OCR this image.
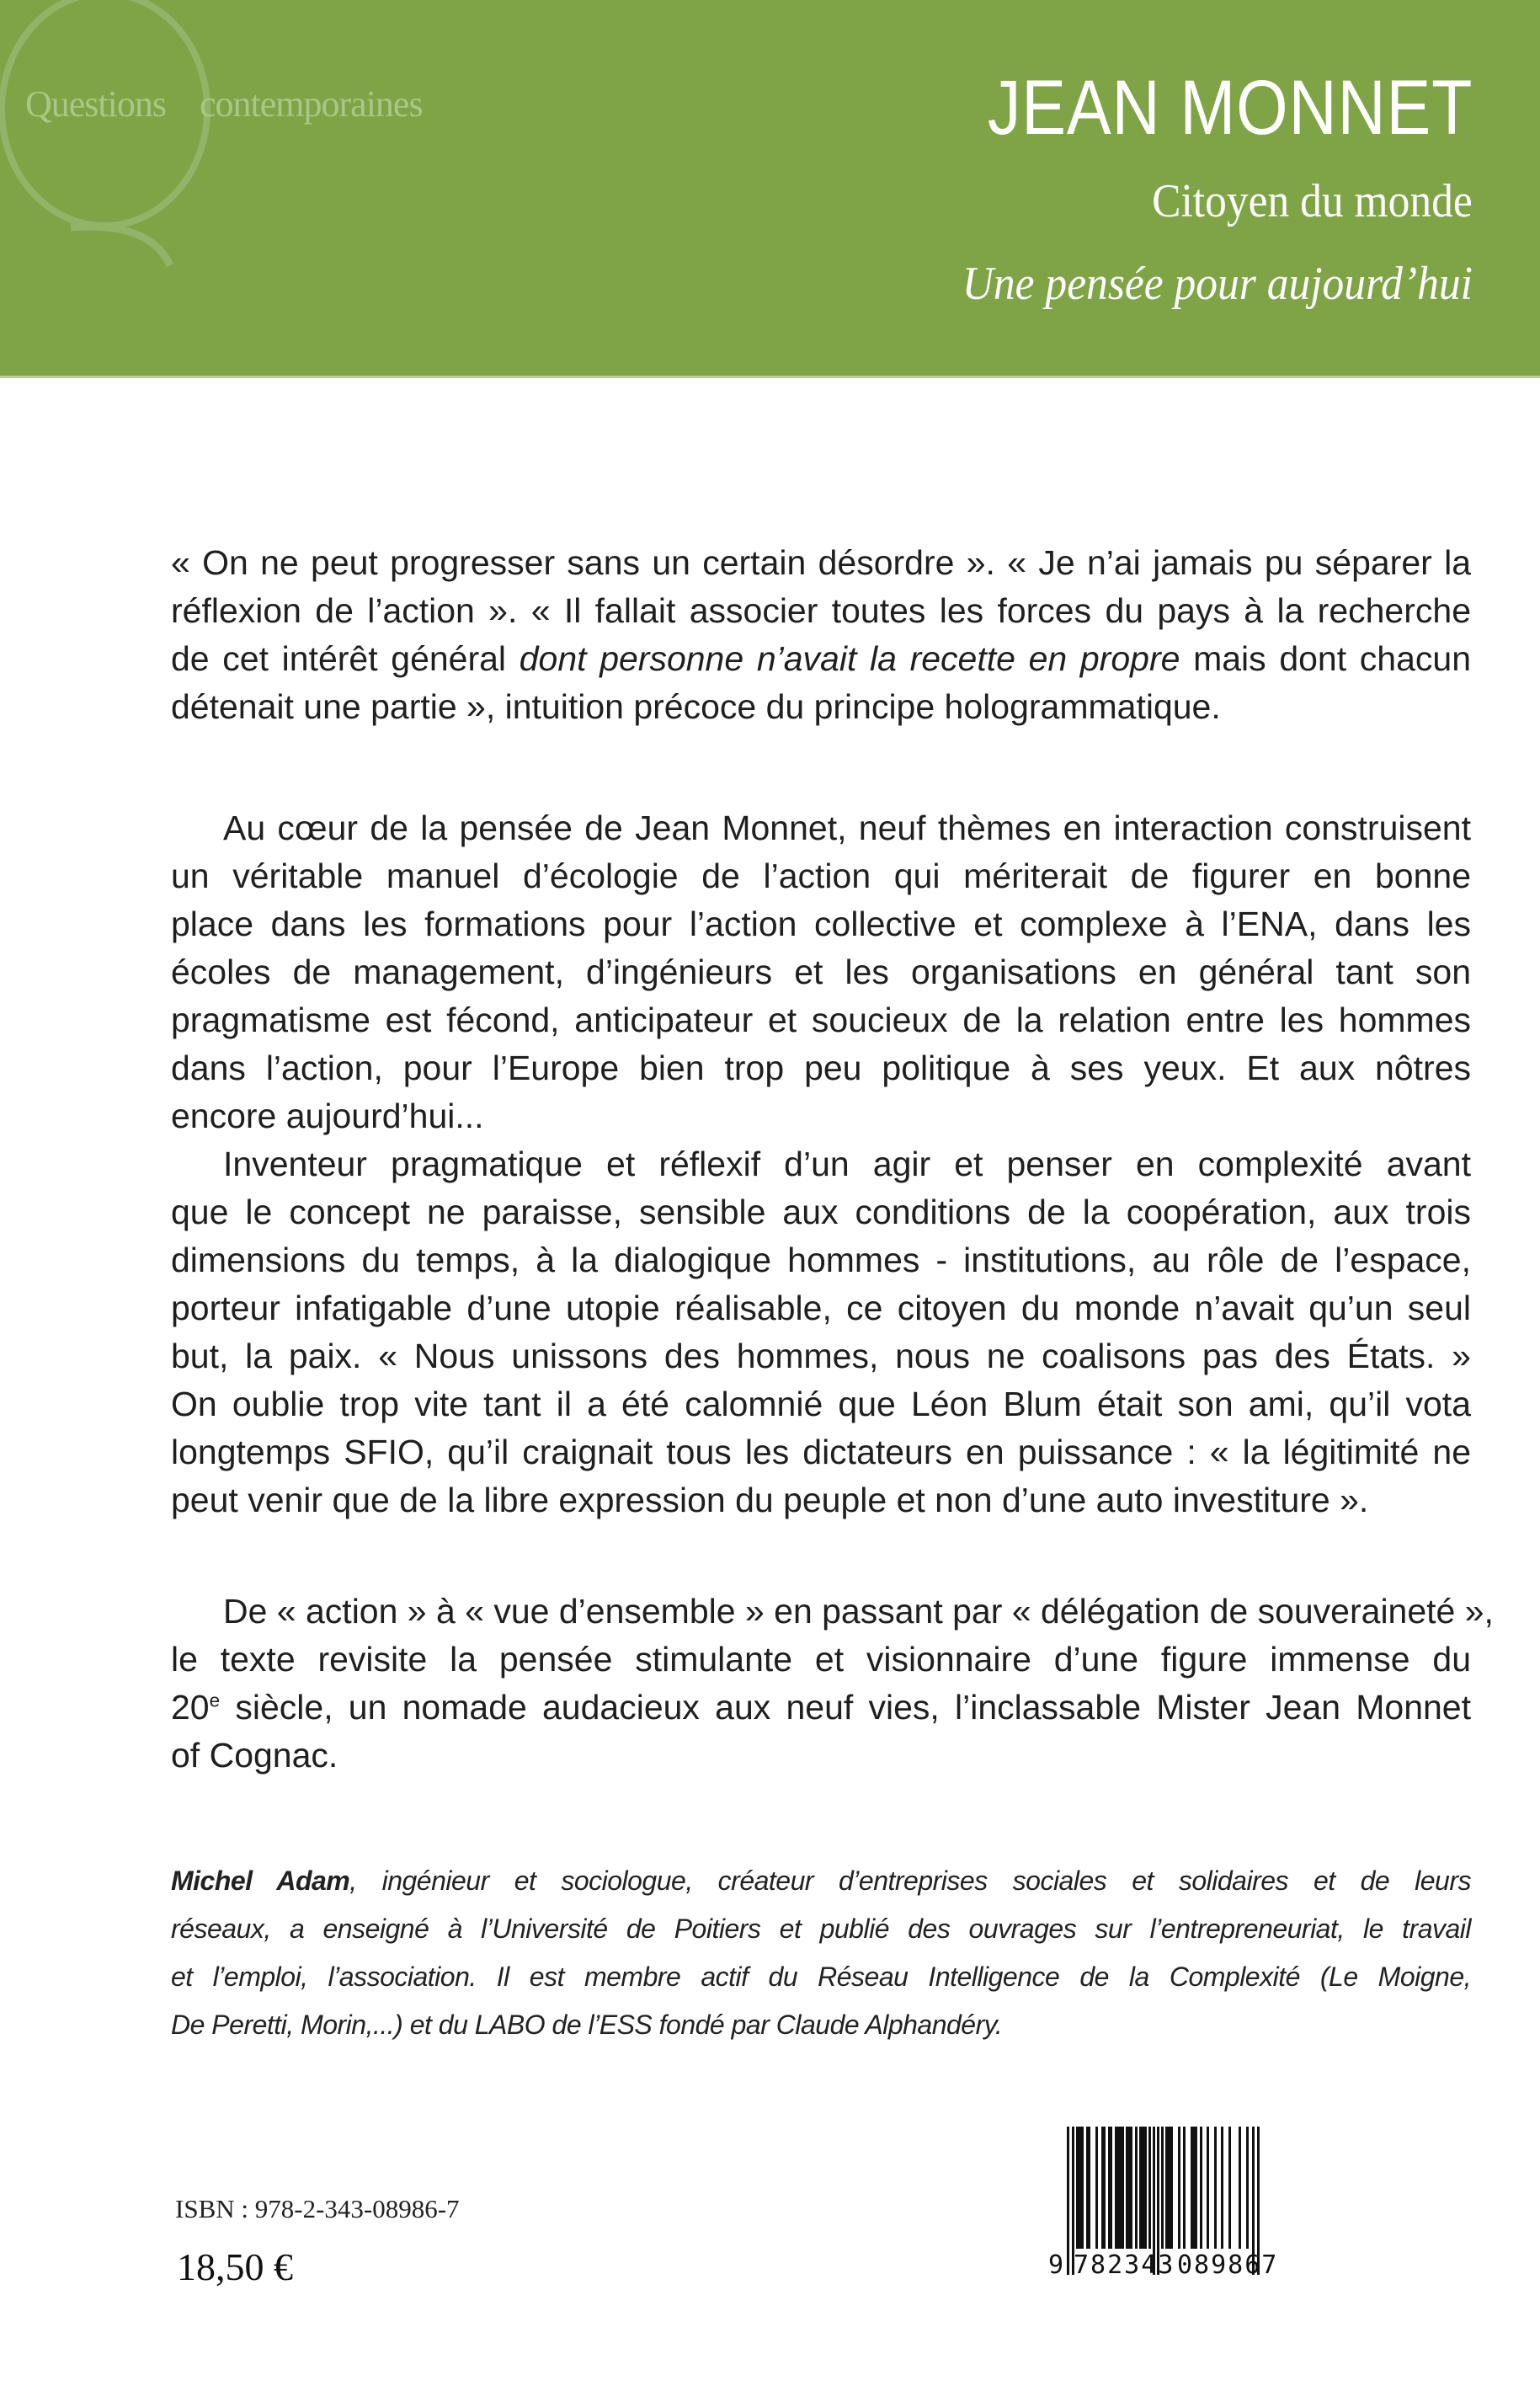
Questions contemporaines	JEAN MONNET
Citoyen du monde
Une pensée pour aujourd’hui

« On ne peut progresser sans un certain désordre ». « Je n’ai jamais pu séparer la
réflexion de l’action ». « Il fallait associer toutes les forces du pays à la recherche
de cet intérêt général dont personne n’avait la recette en propre mais dont chacun
détenait une partie », intuition précoce du principe hologrammatique.

Au cœur de la pensée de Jean Monnet, neuf thèmes en interaction construisent
un véritable manuel d’écologie de l’action qui mériterait de figurer en bonne
place dans les formations pour l’action collective et complexe à l’ENA, dans les
écoles de management, d’ingénieurs et les organisations en général tant son
pragmatisme est fécond, anticipateur et soucieux de la relation entre les hommes
dans l’action, pour l’Europe bien trop peu politique à ses yeux. Et aux nôtres
encore aujourd’hui...

Inventeur pragmatique et réflexif d’un agir et penser en complexité avant
que le concept ne paraisse, sensible aux conditions de la coopération, aux trois
dimensions du temps, à la dialogique hommes - institutions, au rôle de l’espace,
porteur infatigable d’une utopie réalisable, ce citoyen du monde n’avait qu’un seul
but, la paix. « Nous unissons des hommes, nous ne coalisons pas des États. »
On oublie trop vite tant il a été calomnié que Léon Blum était son ami, qu’il vota
longtemps SFIO, qu’il craignait tous les dictateurs en puissance : « la légitimité ne
peut venir que de la libre expression du peuple et non d’une auto investiture ».

De « action » à « vue d’ensemble » en passant par « délégation de souveraineté »,
le texte revisite la pensée stimulante et visionnaire d’une figure immense du
20e siècle, un nomade audacieux aux neuf vies, l’inclassable Mister Jean Monnet
of Cognac.

Michel Adam, ingénieur et sociologue, créateur d’entreprises sociales et solidaires et de leurs
réseaux, a enseigné à l’Université de Poitiers et publié des ouvrages sur l’entrepreneuriat, le travail
et l’emploi, l’association. Il est membre actif du Réseau Intelligence de la Complexité (Le Moigne,
De Peretti, Morin,...) et du LABO de l’ESS fondé par Claude Alphandéry.
ISBN : 978-2-343-08986-7
18,50 €	9 782343 089867
